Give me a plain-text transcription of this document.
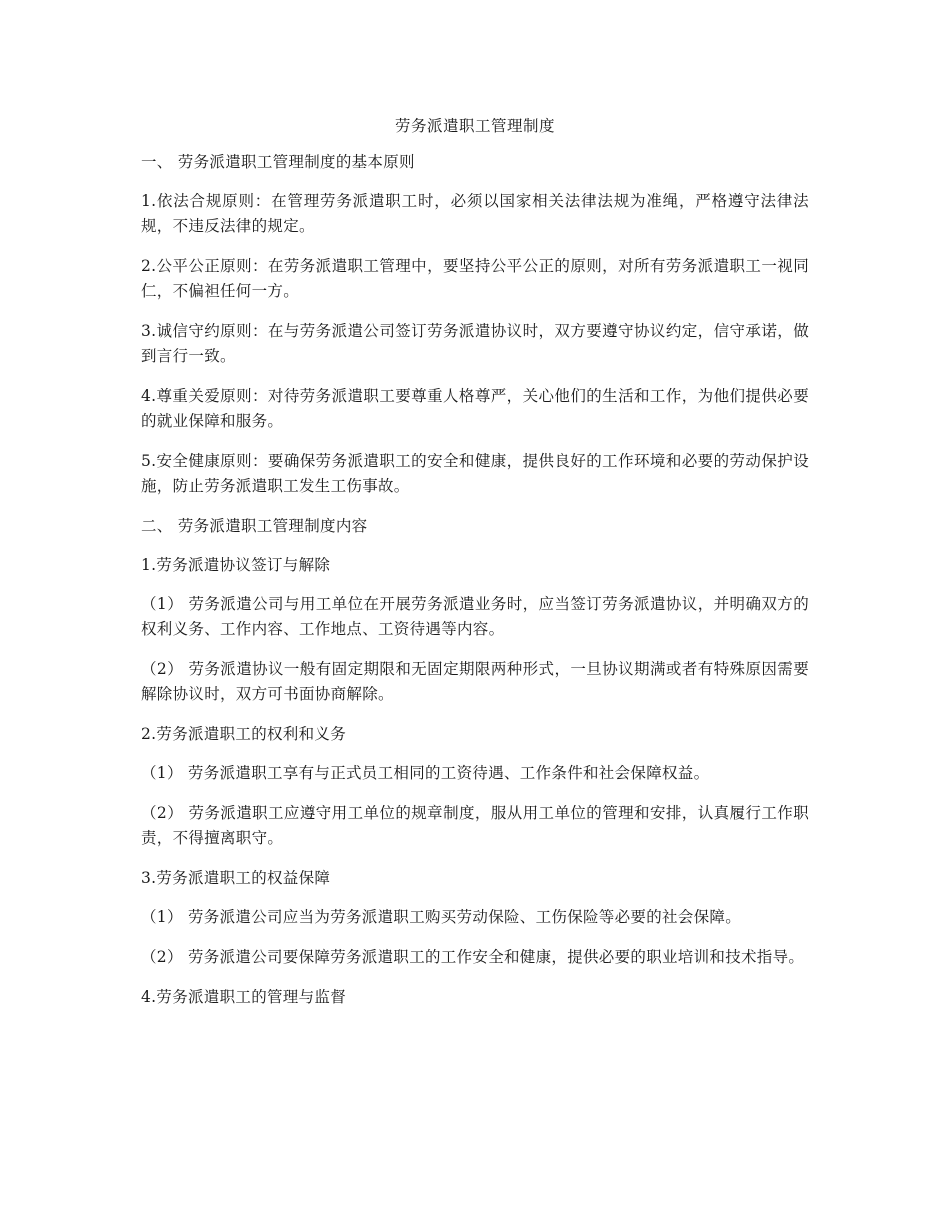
劳务派遣职工管理制度

一、 劳务派遣职工管理制度的基本原则

1.依法合规原则：在管理劳务派遣职工时，必须以国家相关法律法规为准绳，严格遵守法律法规，不违反法律的规定。

2.公平公正原则：在劳务派遣职工管理中，要坚持公平公正的原则，对所有劳务派遣职工一视同仁，不偏袒任何一方。

3.诚信守约原则：在与劳务派遣公司签订劳务派遣协议时，双方要遵守协议约定，信守承诺，做到言行一致。

4.尊重关爱原则：对待劳务派遣职工要尊重人格尊严，关心他们的生活和工作，为他们提供必要的就业保障和服务。

5.安全健康原则：要确保劳务派遣职工的安全和健康，提供良好的工作环境和必要的劳动保护设施，防止劳务派遣职工发生工伤事故。

二、 劳务派遣职工管理制度内容

1.劳务派遣协议签订与解除

（1） 劳务派遣公司与用工单位在开展劳务派遣业务时，应当签订劳务派遣协议，并明确双方的权利义务、工作内容、工作地点、工资待遇等内容。

（2） 劳务派遣协议一般有固定期限和无固定期限两种形式，一旦协议期满或者有特殊原因需要解除协议时，双方可书面协商解除。

2.劳务派遣职工的权利和义务

（1） 劳务派遣职工享有与正式员工相同的工资待遇、工作条件和社会保障权益。

（2） 劳务派遣职工应遵守用工单位的规章制度，服从用工单位的管理和安排，认真履行工作职责，不得擅离职守。

3.劳务派遣职工的权益保障

（1） 劳务派遣公司应当为劳务派遣职工购买劳动保险、工伤保险等必要的社会保障。

（2） 劳务派遣公司要保障劳务派遣职工的工作安全和健康，提供必要的职业培训和技术指导。

4.劳务派遣职工的管理与监督
